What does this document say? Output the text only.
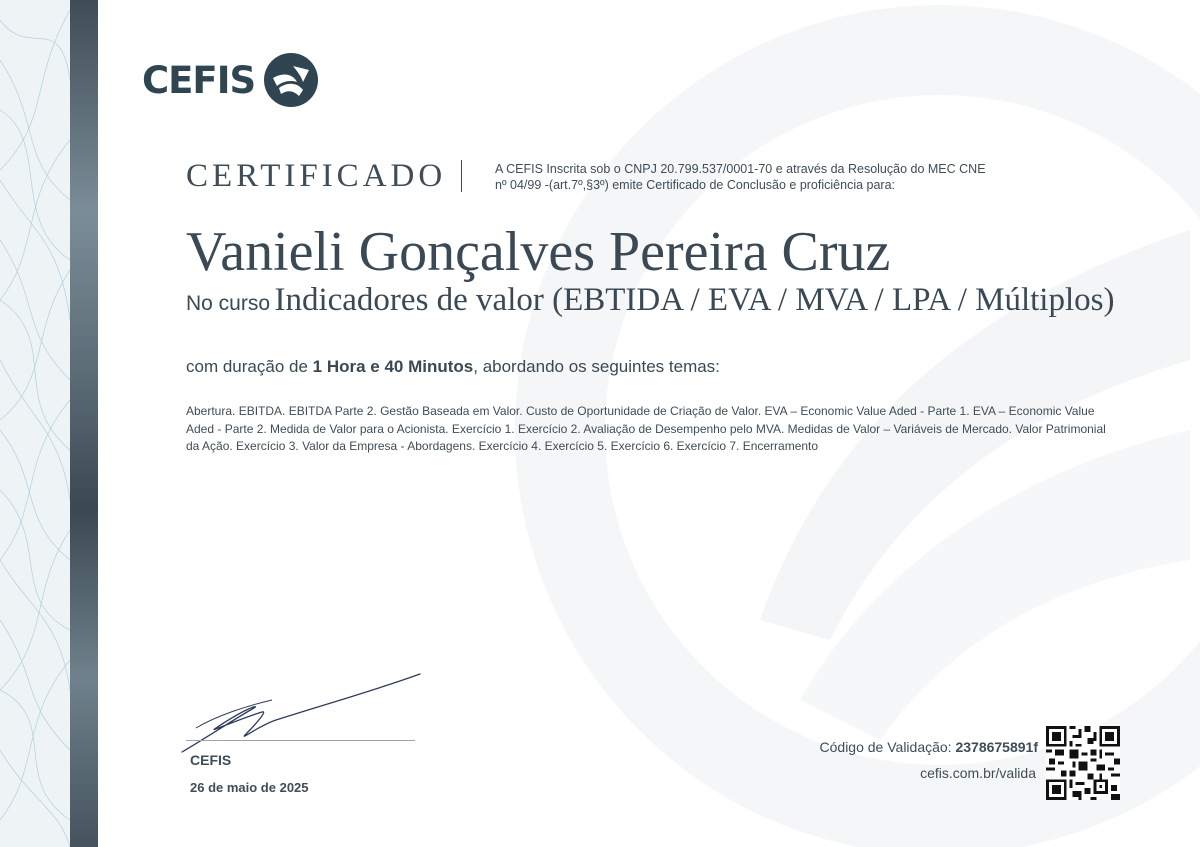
CEFIS
CERTIFICADO	A CEFIS Inscrita sob o CNPJ 20.799.537/0001-70 e através da Resolução do MEC CNE
nº 04/99 -(art.7º,§3º) emite Certificado de Conclusão e proficiência para:
Vanieli Gonçalves Pereira Cruz
No curso Indicadores de valor (EBTIDA / EVA / MVA / LPA / Múltiplos)
com duração de 1 Hora e 40 Minutos, abordando os seguintes temas:
Abertura. EBITDA. EBITDA Parte 2. Gestão Baseada em Valor. Custo de Oportunidade de Criação de Valor. EVA – Economic Value Aded - Parte 1. EVA – Economic Value Aded - Parte 2. Medida de Valor para o Acionista. Exercício 1. Exercício 2. Avaliação de Desempenho pelo MVA. Medidas de Valor – Variáveis de Mercado. Valor Patrimonial da Ação. Exercício 3. Valor da Empresa - Abordagens. Exercício 4. Exercício 5. Exercício 6. Exercício 7. Encerramento
CEFIS
26 de maio de 2025
Código de Validação: 2378675891f
cefis.com.br/valida
